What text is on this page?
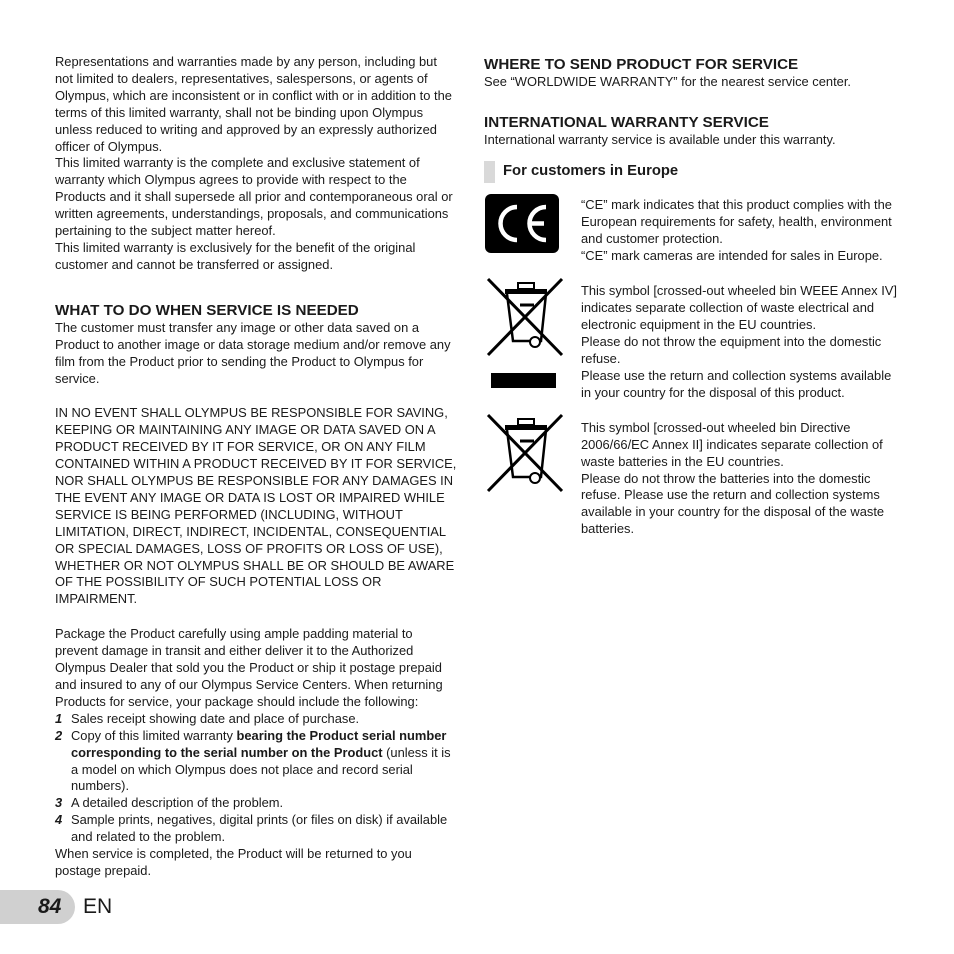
Representations and warranties made by any person, including but not limited to dealers, representatives, salespersons, or agents of Olympus, which are inconsistent or in conflict with or in addition to the terms of this limited warranty, shall not be binding upon Olympus unless reduced to writing and approved by an expressly authorized officer of Olympus.

This limited warranty is the complete and exclusive statement of warranty which Olympus agrees to provide with respect to the Products and it shall supersede all prior and contemporaneous oral or written agreements, understandings, proposals, and communications pertaining to the subject matter hereof.

This limited warranty is exclusively for the benefit of the original customer and cannot be transferred or assigned.

WHAT TO DO WHEN SERVICE IS NEEDED

The customer must transfer any image or other data saved on a Product to another image or data storage medium and/or remove any film from the Product prior to sending the Product to Olympus for service.

IN NO EVENT SHALL OLYMPUS BE RESPONSIBLE FOR SAVING, KEEPING OR MAINTAINING ANY IMAGE OR DATA SAVED ON A PRODUCT RECEIVED BY IT FOR SERVICE, OR ON ANY FILM CONTAINED WITHIN A PRODUCT RECEIVED BY IT FOR SERVICE, NOR SHALL OLYMPUS BE RESPONSIBLE FOR ANY DAMAGES IN THE EVENT ANY IMAGE OR DATA IS LOST OR IMPAIRED WHILE SERVICE IS BEING PERFORMED (INCLUDING, WITHOUT LIMITATION, DIRECT, INDIRECT, INCIDENTAL, CONSEQUENTIAL OR SPECIAL DAMAGES, LOSS OF PROFITS OR LOSS OF USE), WHETHER OR NOT OLYMPUS SHALL BE OR SHOULD BE AWARE OF THE POSSIBILITY OF SUCH POTENTIAL LOSS OR IMPAIRMENT.

Package the Product carefully using ample padding material to prevent damage in transit and either deliver it to the Authorized Olympus Dealer that sold you the Product or ship it postage prepaid and insured to any of our Olympus Service Centers. When returning Products for service, your package should include the following:

1 Sales receipt showing date and place of purchase.
2 Copy of this limited warranty bearing the Product serial number corresponding to the serial number on the Product (unless it is a model on which Olympus does not place and record serial numbers).
3 A detailed description of the problem.
4 Sample prints, negatives, digital prints (or files on disk) if available and related to the problem.

When service is completed, the Product will be returned to you postage prepaid.

WHERE TO SEND PRODUCT FOR SERVICE

See “WORLDWIDE WARRANTY” for the nearest service center.

INTERNATIONAL WARRANTY SERVICE

International warranty service is available under this warranty.

For customers in Europe

“CE” mark indicates that this product complies with the European requirements for safety, health, environment and customer protection.

“CE” mark cameras are intended for sales in Europe.

This symbol [crossed-out wheeled bin WEEE Annex IV] indicates separate collection of waste electrical and electronic equipment in the EU countries.

Please do not throw the equipment into the domestic refuse.

Please use the return and collection systems available in your country for the disposal of this product.

This symbol [crossed-out wheeled bin Directive 2006/66/EC Annex II] indicates separate collection of waste batteries in the EU countries.

Please do not throw the batteries into the domestic refuse. Please use the return and collection systems available in your country for the disposal of the waste batteries.

84 EN
